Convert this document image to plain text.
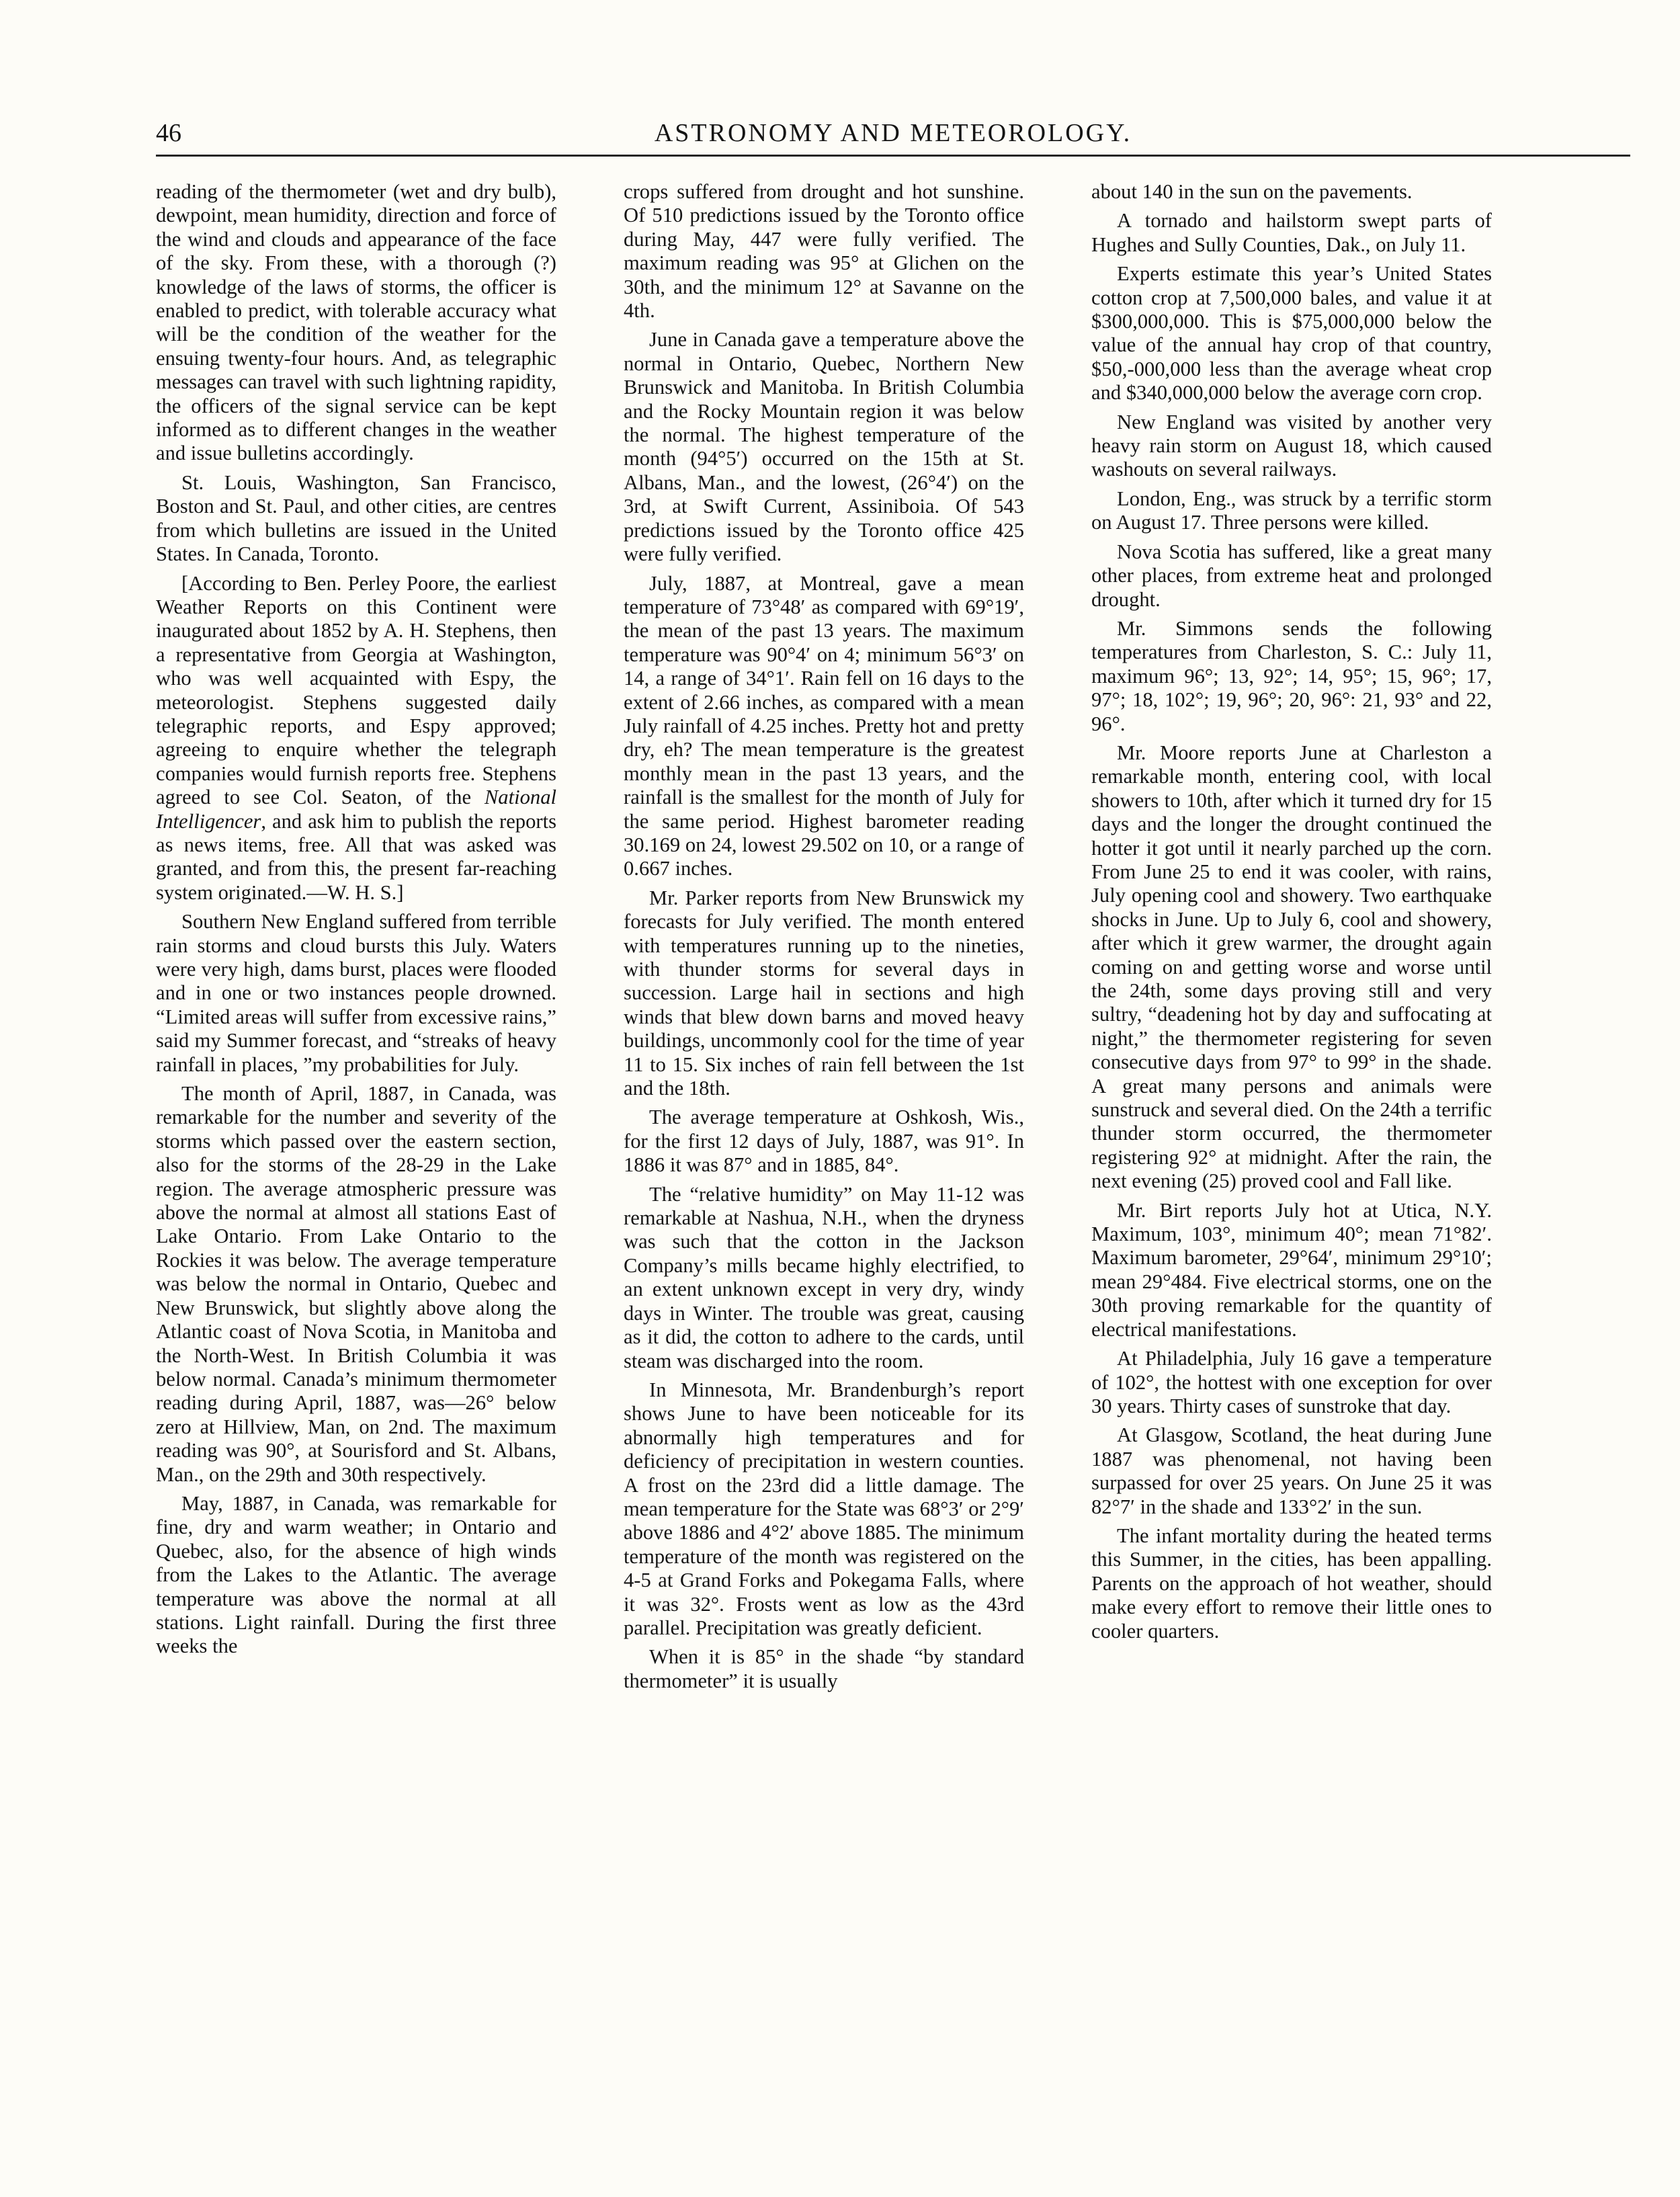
46	ASTRONOMY AND METEOROLOGY.

reading of the thermometer (wet and dry bulb), dewpoint, mean humidity, direction and force of the wind and clouds and appearance of the face of the sky. From these, with a thorough (?) knowledge of the laws of storms, the officer is enabled to predict, with tolerable accuracy what will be the condition of the weather for the ensuing twenty-four hours. And, as telegraphic messages can travel with such lightning rapidity, the officers of the signal service can be kept informed as to different changes in the weather and issue bulletins accordingly.

St. Louis, Washington, San Francisco, Boston and St. Paul, and other cities, are centres from which bulletins are issued in the United States. In Canada, Toronto.

[According to Ben. Perley Poore, the earliest Weather Reports on this Continent were inaugurated about 1852 by A. H. Stephens, then a representative from Georgia at Washington, who was well acquainted with Espy, the meteorologist. Stephens suggested daily telegraphic reports, and Espy approved; agreeing to enquire whether the telegraph companies would furnish reports free. Stephens agreed to see Col. Seaton, of the National Intelligencer, and ask him to publish the reports as news items, free. All that was asked was granted, and from this, the present far-reaching system originated.—W. H. S.]

Southern New England suffered from terrible rain storms and cloud bursts this July. Waters were very high, dams burst, places were flooded and in one or two instances people drowned. “Limited areas will suffer from excessive rains,” said my Summer forecast, and “streaks of heavy rainfall in places, ”my probabilities for July.

The month of April, 1887, in Canada, was remarkable for the number and severity of the storms which passed over the eastern section, also for the storms of the 28-29 in the Lake region. The average atmospheric pressure was above the normal at almost all stations East of Lake Ontario. From Lake Ontario to the Rockies it was below. The average temperature was below the normal in Ontario, Quebec and New Brunswick, but slightly above along the Atlantic coast of Nova Scotia, in Manitoba and the North-West. In British Columbia it was below normal. Canada’s minimum thermometer reading during April, 1887, was—26° below zero at Hillview, Man, on 2nd. The maximum reading was 90°, at Sourisford and St. Albans, Man., on the 29th and 30th respectively.

May, 1887, in Canada, was remarkable for fine, dry and warm weather; in Ontario and Quebec, also, for the absence of high winds from the Lakes to the Atlantic. The average temperature was above the normal at all stations. Light rainfall. During the first three weeks the

crops suffered from drought and hot sunshine. Of 510 predictions issued by the Toronto office during May, 447 were fully verified. The maximum reading was 95° at Glichen on the 30th, and the minimum 12° at Savanne on the 4th.

June in Canada gave a temperature above the normal in Ontario, Quebec, Northern New Brunswick and Manitoba. In British Columbia and the Rocky Mountain region it was below the normal. The highest temperature of the month (94°5′) occurred on the 15th at St. Albans, Man., and the lowest, (26°4′) on the 3rd, at Swift Current, Assiniboia. Of 543 predictions issued by the Toronto office 425 were fully verified.

July, 1887, at Montreal, gave a mean temperature of 73°48′ as compared with 69°19′, the mean of the past 13 years. The maximum temperature was 90°4′ on 4; minimum 56°3′ on 14, a range of 34°1′. Rain fell on 16 days to the extent of 2.66 inches, as compared with a mean July rainfall of 4.25 inches. Pretty hot and pretty dry, eh? The mean temperature is the greatest monthly mean in the past 13 years, and the rainfall is the smallest for the month of July for the same period. Highest barometer reading 30.169 on 24, lowest 29.502 on 10, or a range of 0.667 inches.

Mr. Parker reports from New Brunswick my forecasts for July verified. The month entered with temperatures running up to the nineties, with thunder storms for several days in succession. Large hail in sections and high winds that blew down barns and moved heavy buildings, uncommonly cool for the time of year 11 to 15. Six inches of rain fell between the 1st and the 18th.

The average temperature at Oshkosh, Wis., for the first 12 days of July, 1887, was 91°. In 1886 it was 87° and in 1885, 84°.

The “relative humidity” on May 11-12 was remarkable at Nashua, N.H., when the dryness was such that the cotton in the Jackson Company’s mills became highly electrified, to an extent unknown except in very dry, windy days in Winter. The trouble was great, causing as it did, the cotton to adhere to the cards, until steam was discharged into the room.

In Minnesota, Mr. Brandenburgh’s report shows June to have been noticeable for its abnormally high temperatures and for deficiency of precipitation in western counties. A frost on the 23rd did a little damage. The mean temperature for the State was 68°3′ or 2°9′ above 1886 and 4°2′ above 1885. The minimum temperature of the month was registered on the 4-5 at Grand Forks and Pokegama Falls, where it was 32°. Frosts went as low as the 43rd parallel. Precipitation was greatly deficient.

When it is 85° in the shade “by standard thermometer” it is usually

about 140 in the sun on the pavements.

A tornado and hailstorm swept parts of Hughes and Sully Counties, Dak., on July 11.

Experts estimate this year’s United States cotton crop at 7,500,000 bales, and value it at $300,000,000. This is $75,000,000 below the value of the annual hay crop of that country, $50,-000,000 less than the average wheat crop and $340,000,000 below the average corn crop.

New England was visited by another very heavy rain storm on August 18, which caused washouts on several railways.

London, Eng., was struck by a terrific storm on August 17. Three persons were killed.

Nova Scotia has suffered, like a great many other places, from extreme heat and prolonged drought.

Mr. Simmons sends the following temperatures from Charleston, S. C.: July 11, maximum 96°; 13, 92°; 14, 95°; 15, 96°; 17, 97°; 18, 102°; 19, 96°; 20, 96°: 21, 93° and 22, 96°.

Mr. Moore reports June at Charleston a remarkable month, entering cool, with local showers to 10th, after which it turned dry for 15 days and the longer the drought continued the hotter it got until it nearly parched up the corn. From June 25 to end it was cooler, with rains, July opening cool and showery. Two earthquake shocks in June. Up to July 6, cool and showery, after which it grew warmer, the drought again coming on and getting worse and worse until the 24th, some days proving still and very sultry, “deadening hot by day and suffocating at night,” the thermometer registering for seven consecutive days from 97° to 99° in the shade. A great many persons and animals were sunstruck and several died. On the 24th a terrific thunder storm occurred, the thermometer registering 92° at midnight. After the rain, the next evening (25) proved cool and Fall like.

Mr. Birt reports July hot at Utica, N.Y. Maximum, 103°, minimum 40°; mean 71°82′. Maximum barometer, 29°64′, minimum 29°10′; mean 29°484. Five electrical storms, one on the 30th proving remarkable for the quantity of electrical manifestations.

At Philadelphia, July 16 gave a temperature of 102°, the hottest with one exception for over 30 years. Thirty cases of sunstroke that day.

At Glasgow, Scotland, the heat during June 1887 was phenomenal, not having been surpassed for over 25 years. On June 25 it was 82°7′ in the shade and 133°2′ in the sun.

The infant mortality during the heated terms this Summer, in the cities, has been appalling. Parents on the approach of hot weather, should make every effort to remove their little ones to cooler quarters.
